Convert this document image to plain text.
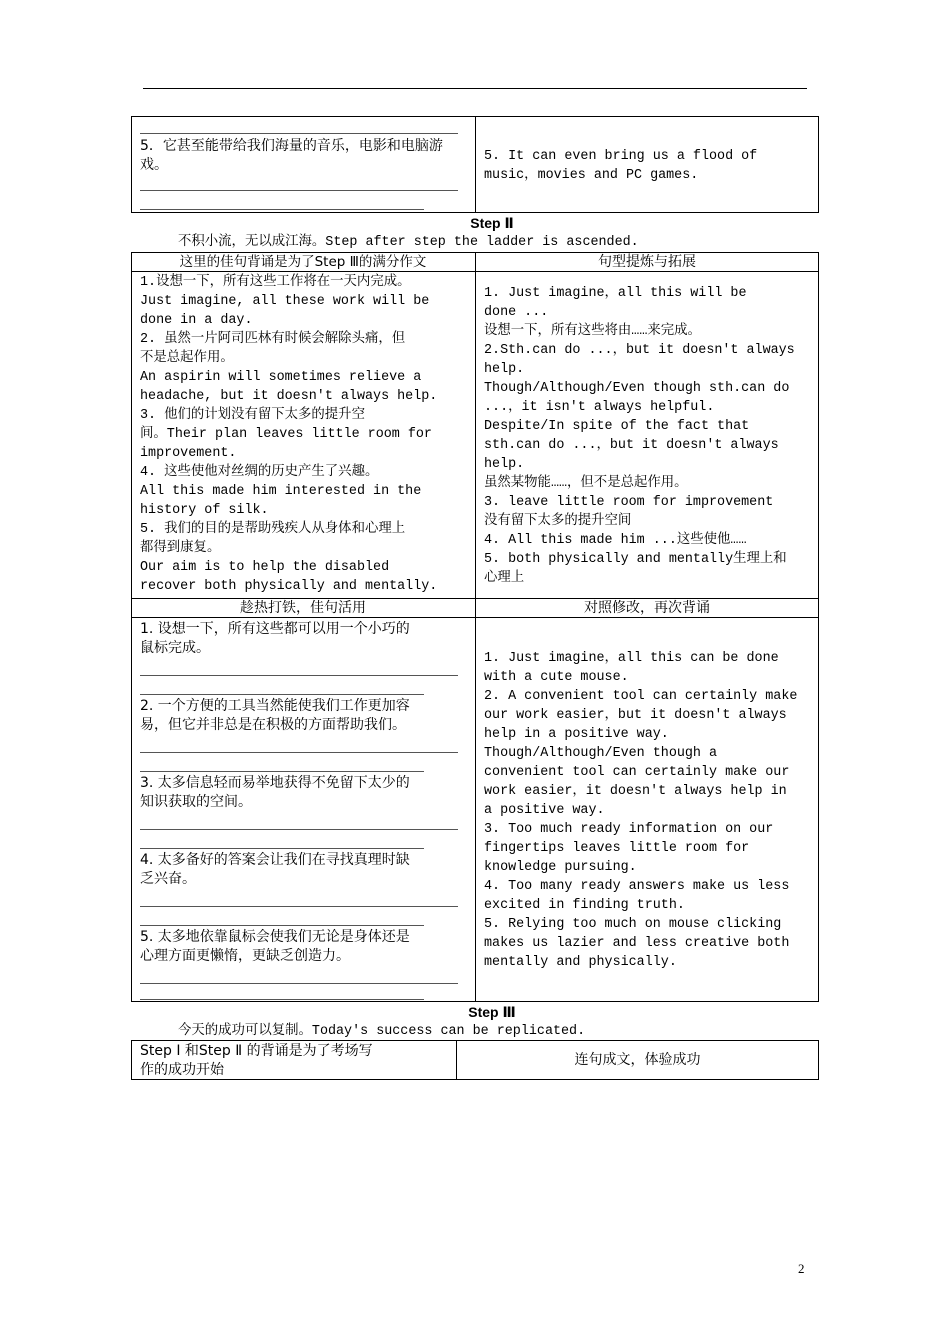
5．它甚至能带给我们海量的音乐，电影和电脑游戏。
5. It can even bring us a flood of
music，movies and PC games.
Step Ⅱ
不积小流，无以成江海。Step after step the ladder is ascended.
这里的佳句背诵是为了Step Ⅲ的满分作文	句型提炼与拓展
1.设想一下，所有这些工作将在一天内完成。
Just imagine, all these work will be
done in a day.
2. 虽然一片阿司匹林有时候会解除头痛，但
不是总起作用。
An aspirin will sometimes relieve a
headache, but it doesn't always help.
3. 他们的计划没有留下太多的提升空
间。Their plan leaves little room for
improvement.
4. 这些使他对丝绸的历史产生了兴趣。
All this made him interested in the
history of silk.
5. 我们的目的是帮助残疾人从身体和心理上
都得到康复。
Our aim is to help the disabled
recover both physically and mentally.
1. Just imagine，all this will be
done ...
设想一下，所有这些将由……来完成。
2.Sth.can do ...，but it doesn't always
help.
Though/Although/Even though sth.can do
...，it isn't always helpful.
Despite/In spite of the fact that
sth.can do ...，but it doesn't always
help.
虽然某物能……，但不是总起作用。
3. leave little room for improvement
没有留下太多的提升空间
4. All this made him ...这些使他……
5. both physically and mentally生理上和
心理上
趁热打铁，佳句活用	对照修改，再次背诵
1. 设想一下，所有这些都可以用一个小巧的
鼠标完成。
2. 一个方便的工具当然能使我们工作更加容
易，但它并非总是在积极的方面帮助我们。
3. 太多信息轻而易举地获得不免留下太少的
知识获取的空间。
4. 太多备好的答案会让我们在寻找真理时缺
乏兴奋。
5. 太多地依靠鼠标会使我们无论是身体还是
心理方面更懒惰，更缺乏创造力。
1. Just imagine，all this can be done
with a cute mouse.
2. A convenient tool can certainly make
our work easier，but it doesn't always
help in a positive way.
Though/Although/Even though a
convenient tool can certainly make our
work easier，it doesn't always help in
a positive way.
3. Too much ready information on our
fingertips leaves little room for
knowledge pursuing.
4. Too many ready answers make us less
excited in finding truth.
5. Relying too much on mouse clicking
makes us lazier and less creative both
mentally and physically.
Step Ⅲ
今天的成功可以复制。Today's success can be replicated.
Step Ⅰ 和Step Ⅱ 的背诵是为了考场写
作的成功开始
连句成文，体验成功
2
